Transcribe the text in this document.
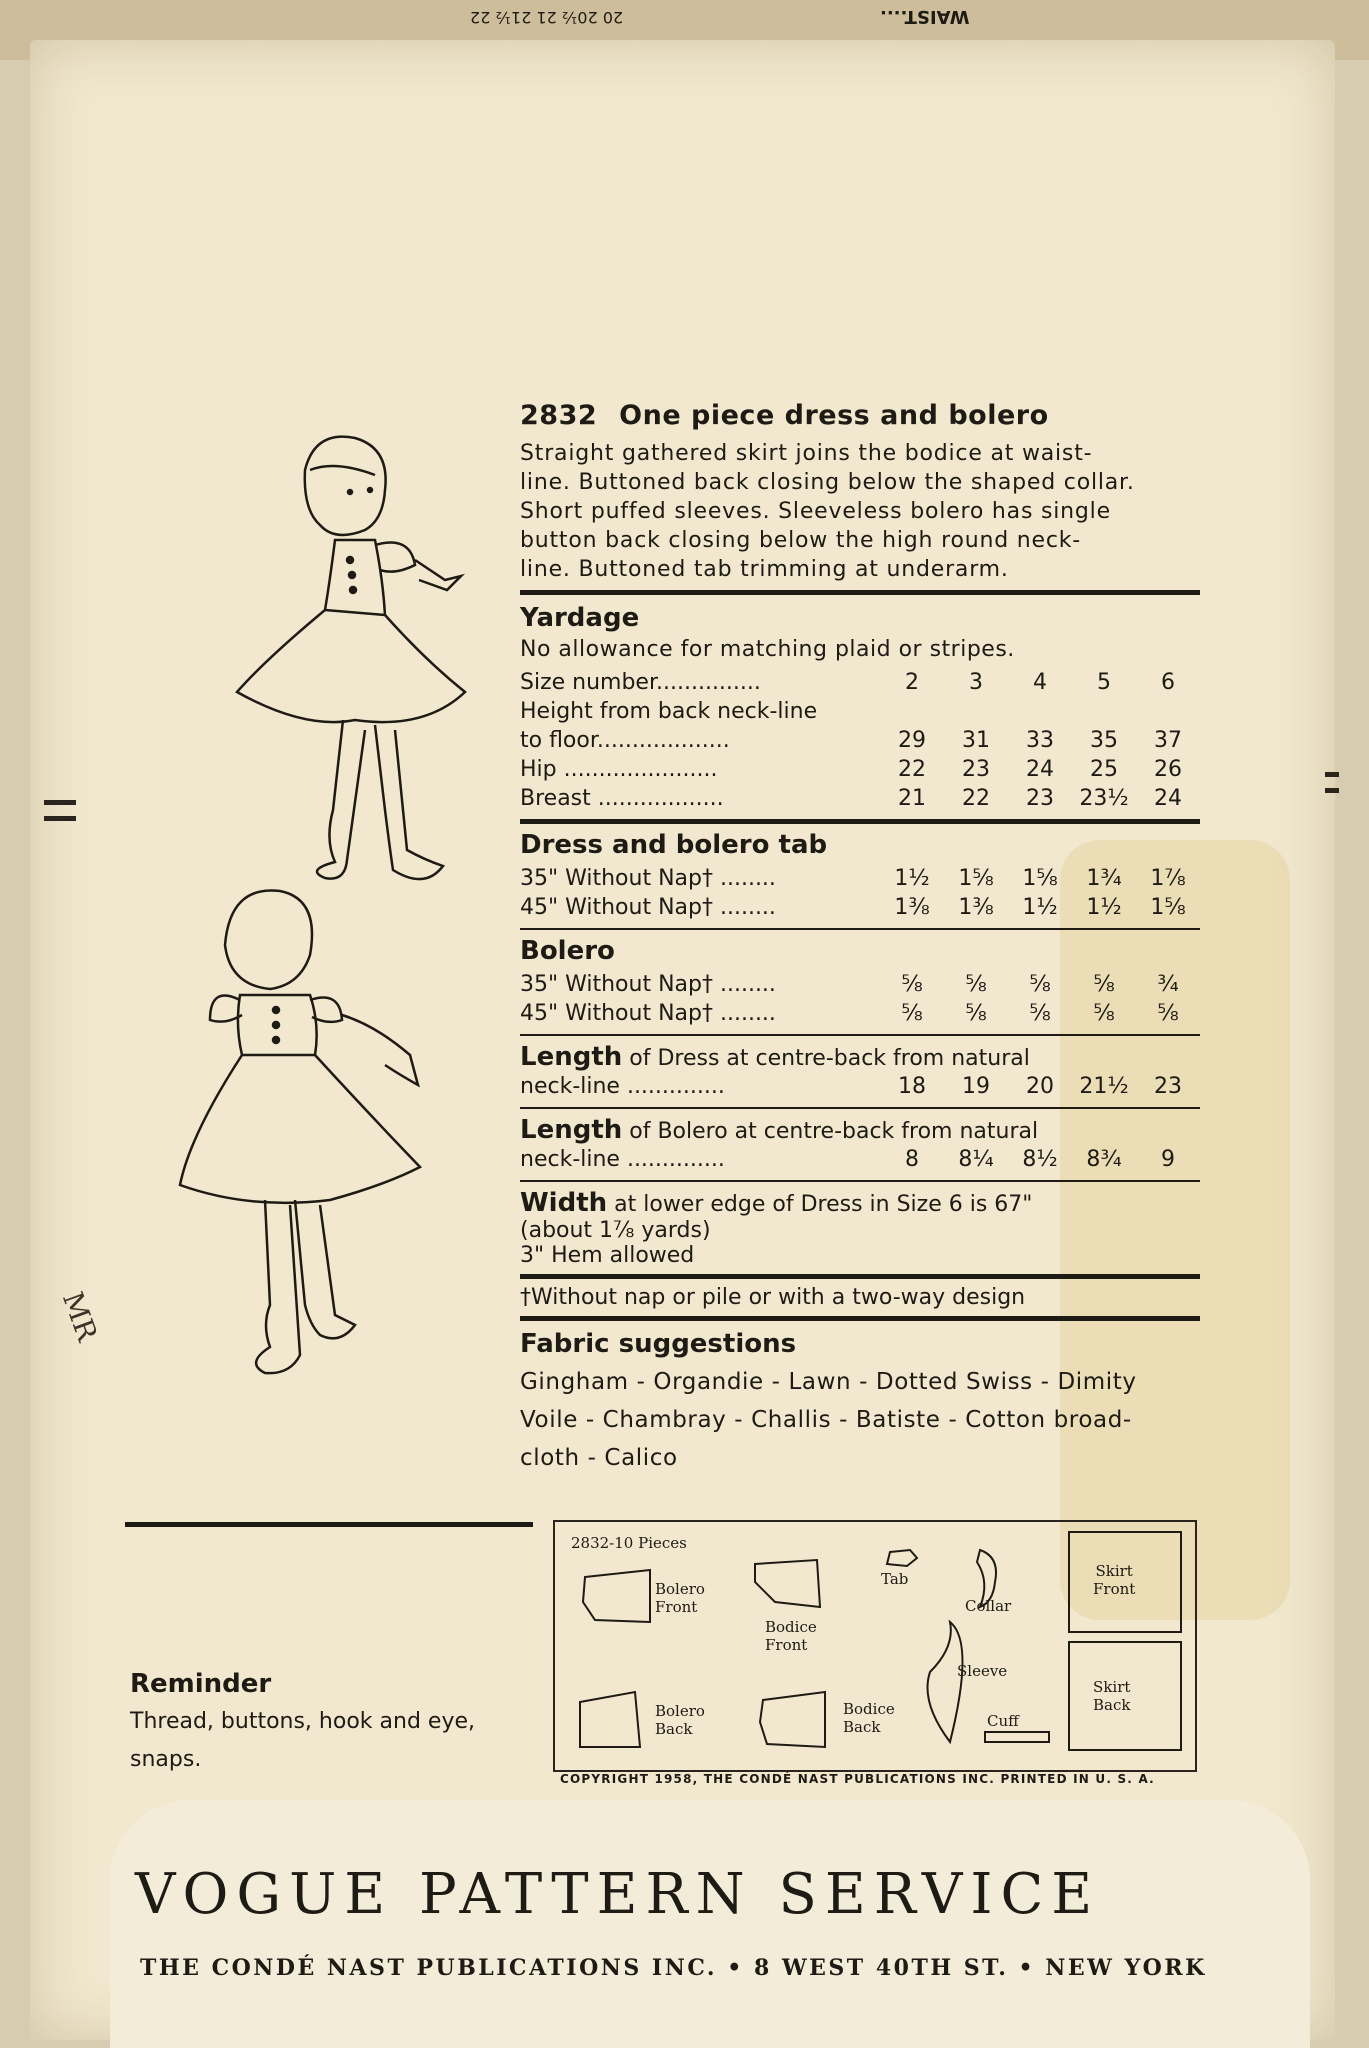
WAIST....
20 20½ 21 21½ 22
MR
2832 One piece dress and bolero
Straight gathered skirt joins the bodice at waist-
line. Buttoned back closing below the shaped collar.
Short puffed sleeves. Sleeveless bolero has single
button back closing below the high round neck-
line. Buttoned tab trimming at underarm.
Yardage
No allowance for matching plaid or stripes.
Size number...............	2	3	4	5	6
Height from back neck-line					
to floor...................	29	31	33	35	37
Hip ......................	22	23	24	25	26
Breast ..................	21	22	23	23½	24
Dress and bolero tab
35" Without Nap† ........	1½	1⅝	1⅝	1¾	1⅞
45" Without Nap† ........	1⅜	1⅜	1½	1½	1⅝
Bolero
35" Without Nap† ........	⅝	⅝	⅝	⅝	¾
45" Without Nap† ........	⅝	⅝	⅝	⅝	⅝
Length of Dress at centre-back from natural
neck-line ..............	18	19	20	21½	23
Length of Bolero at centre-back from natural
neck-line ..............	8	8¼	8½	8¾	9
Width at lower edge of Dress in Size 6 is 67"
(about 1⅞ yards)
3" Hem allowed
†Without nap or pile or with a two-way design
Fabric suggestions
Gingham - Organdie - Lawn - Dotted Swiss - Dimity
Voile - Chambray - Challis - Batiste - Cotton broad-
cloth - Calico
Reminder
Thread, buttons, hook and eye,
snaps.
2832-10 Pieces
Bolero
Front
Bodice
Front
Tab
Collar
Skirt
Front
Sleeve
Bolero
Back
Bodice
Back	Cuff
Skirt
Back
COPYRIGHT 1958, THE CONDÉ NAST PUBLICATIONS INC. PRINTED IN U. S. A.
VOGUE PATTERN SERVICE
THE CONDÉ NAST PUBLICATIONS INC. • 8 WEST 40TH ST. • NEW YORK
